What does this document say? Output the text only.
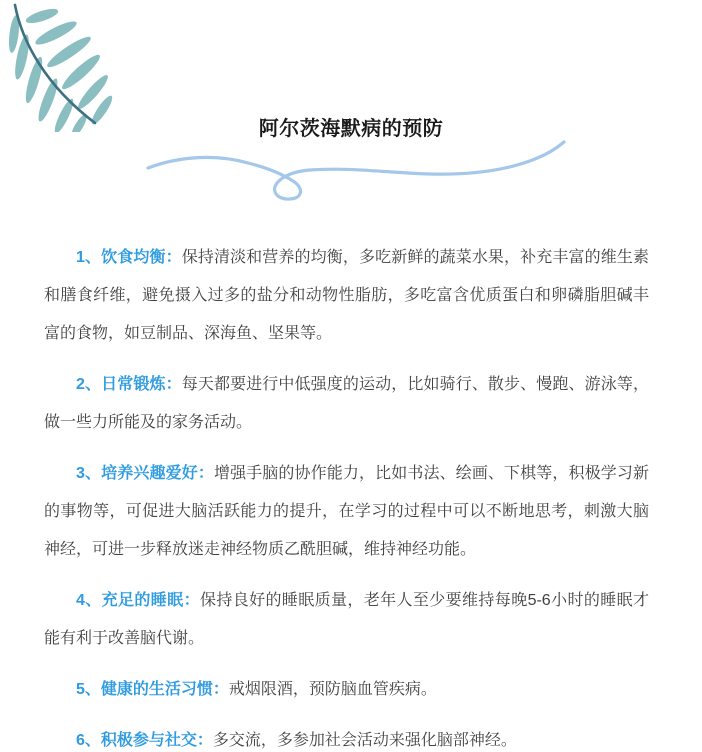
阿尔茨海默病的预防

1、饮食均衡：保持清淡和营养的均衡，多吃新鲜的蔬菜水果，补充丰富的维生素和膳食纤维，避免摄入过多的盐分和动物性脂肪，多吃富含优质蛋白和卵磷脂胆碱丰富的食物，如豆制品、深海鱼、坚果等。

2、日常锻炼：每天都要进行中低强度的运动，比如骑行、散步、慢跑、游泳等，做一些力所能及的家务活动。

3、培养兴趣爱好：增强手脑的协作能力，比如书法、绘画、下棋等，积极学习新的事物等，可促进大脑活跃能力的提升，在学习的过程中可以不断地思考，刺激大脑神经，可进一步释放迷走神经物质乙酰胆碱，维持神经功能。

4、充足的睡眠：保持良好的睡眠质量，老年人至少要维持每晚5-6小时的睡眠才能有利于改善脑代谢。

5、健康的生活习惯：戒烟限酒，预防脑血管疾病。

6、积极参与社交：多交流，多参加社会活动来强化脑部神经。
